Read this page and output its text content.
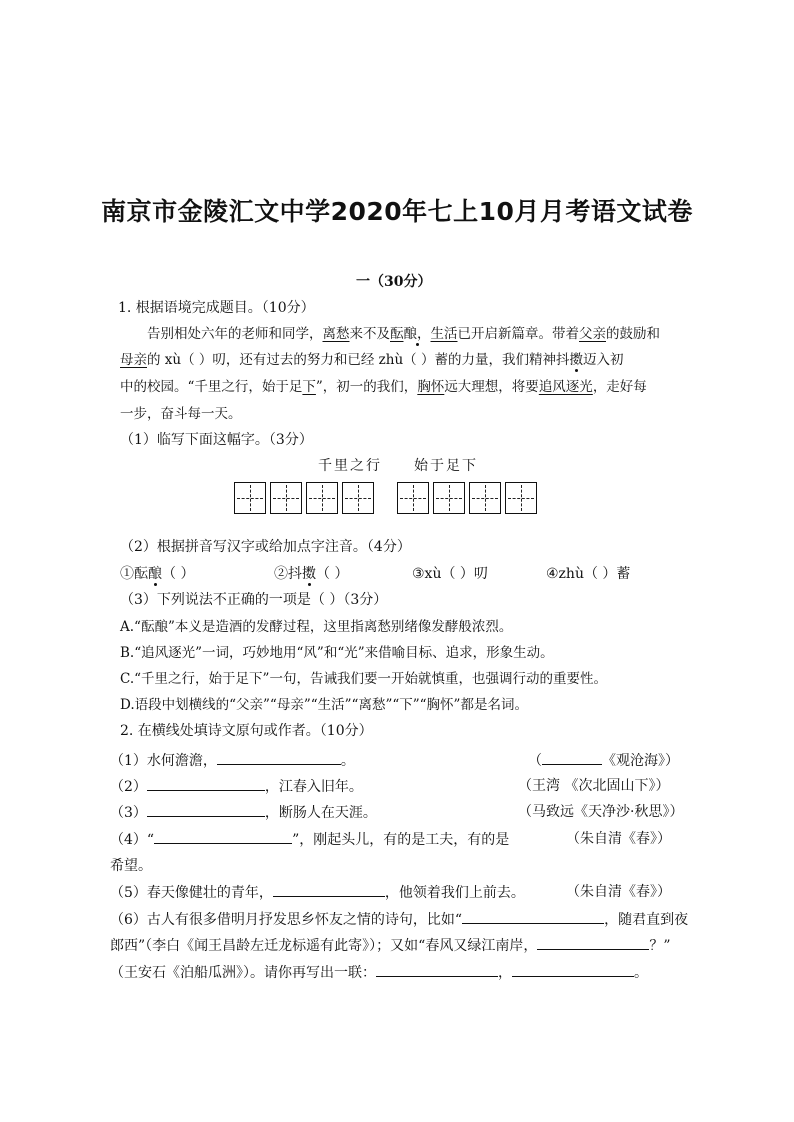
南京市金陵汇文中学2020年七上10月月考语文试卷
一（30分）
1. 根据语境完成题目。（10分）
告别相处六年的老师和同学，离愁来不及酝酿，生活已开启新篇章。带着父亲的鼓励和
母亲的 xù（ ）叨，还有过去的努力和已经 zhù（ ）蓄的力量，我们精神抖擞迈入初
中的校园。“千里之行，始于足下”，初一的我们，胸怀远大理想，将要追风逐光，走好每
一步，奋斗每一天。
（1）临写下面这幅字。（3分）
千里之行 始于足下
（2）根据拼音写汉字或给加点字注音。（4分）
①酝酿（ ）	②抖擞（ ）	③xù（ ）叨	④zhù（ ）蓄
（3）下列说法不正确的一项是（ ）（3分）
A.“酝酿”本义是造酒的发酵过程，这里指离愁别绪像发酵般浓烈。
B.“追风逐光”一词，巧妙地用“风”和“光”来借喻目标、追求，形象生动。
C.“千里之行，始于足下”一句，告诫我们要一开始就慎重，也强调行动的重要性。
D.语段中划横线的“父亲”“母亲”“生活”“离愁”“下”“胸怀”都是名词。
2. 在横线处填诗文原句或作者。（10分）
（1）水何澹澹，	。	（	《观沧海》）
（2）	，江春入旧年。	（王湾 《次北固山下》）
（3）	，断肠人在天涯。	（马致远《天净沙·秋思》）
（4）“	”，刚起头儿，有的是工夫，有的是	（朱自清《春》）
希望。
（5）春天像健壮的青年，	，他领着我们上前去。	（朱自清《春》）
（6）古人有很多借明月抒发思乡怀友之情的诗句，比如“	，随君直到夜
郎西”（李白《闻王昌龄左迁龙标遥有此寄》）；又如“春风又绿江南岸，	？”
（王安石《泊船瓜洲》）。请你再写出一联：	，	。
